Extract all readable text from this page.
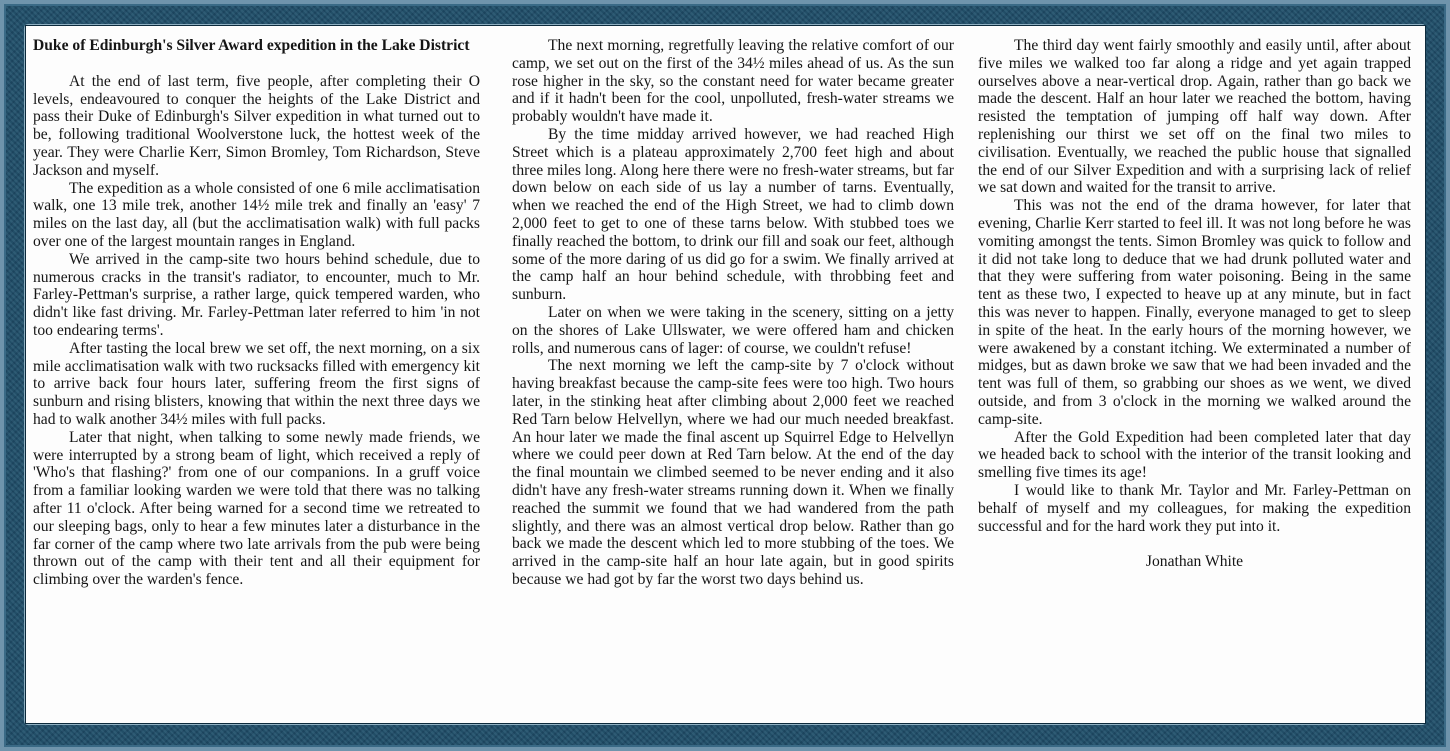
Duke of Edinburgh's Silver Award expedition in the Lake District

At the end of last term, five people, after completing their O levels, endeavoured to conquer the heights of the Lake District and pass their Duke of Edinburgh's Silver expedition in what turned out to be, following traditional Woolverstone luck, the hottest week of the year. They were Charlie Kerr, Simon Bromley, Tom Richardson, Steve Jackson and myself.

The expedition as a whole consisted of one 6 mile acclimatisation walk, one 13 mile trek, another 14½ mile trek and finally an 'easy' 7 miles on the last day, all (but the acclimatisation walk) with full packs over one of the largest mountain ranges in England.

We arrived in the camp-site two hours behind schedule, due to numerous cracks in the transit's radiator, to encounter, much to Mr. Farley-Pettman's surprise, a rather large, quick tempered warden, who didn't like fast driving. Mr. Farley-Pettman later referred to him 'in not too endearing terms'.

After tasting the local brew we set off, the next morning, on a six mile acclimatisation walk with two rucksacks filled with emergency kit to arrive back four hours later, suffering freom the first signs of sunburn and rising blisters, knowing that within the next three days we had to walk another 34½ miles with full packs.

Later that night, when talking to some newly made friends, we were interrupted by a strong beam of light, which received a reply of 'Who's that flashing?' from one of our companions. In a gruff voice from a familiar looking warden we were told that there was no talking after 11 o'clock. After being warned for a second time we retreated to our sleeping bags, only to hear a few minutes later a disturbance in the far corner of the camp where two late arrivals from the pub were being thrown out of the camp with their tent and all their equipment for climbing over the warden's fence.

The next morning, regretfully leaving the relative comfort of our camp, we set out on the first of the 34½ miles ahead of us. As the sun rose higher in the sky, so the constant need for water became greater and if it hadn't been for the cool, unpolluted, fresh-water streams we probably wouldn't have made it.

By the time midday arrived however, we had reached High Street which is a plateau approximately 2,700 feet high and about three miles long. Along here there were no fresh-water streams, but far down below on each side of us lay a number of tarns. Eventually, when we reached the end of the High Street, we had to climb down 2,000 feet to get to one of these tarns below. With stubbed toes we finally reached the bottom, to drink our fill and soak our feet, although some of the more daring of us did go for a swim. We finally arrived at the camp half an hour behind schedule, with throbbing feet and sunburn.

Later on when we were taking in the scenery, sitting on a jetty on the shores of Lake Ullswater, we were offered ham and chicken rolls, and numerous cans of lager: of course, we couldn't refuse!

The next morning we left the camp-site by 7 o'clock without having breakfast because the camp-site fees were too high. Two hours later, in the stinking heat after climbing about 2,000 feet we reached Red Tarn below Helvellyn, where we had our much needed breakfast. An hour later we made the final ascent up Squirrel Edge to Helvellyn where we could peer down at Red Tarn below. At the end of the day the final mountain we climbed seemed to be never ending and it also didn't have any fresh-water streams running down it. When we finally reached the summit we found that we had wandered from the path slightly, and there was an almost vertical drop below. Rather than go back we made the descent which led to more stubbing of the toes. We arrived in the camp-site half an hour late again, but in good spirits because we had got by far the worst two days behind us.

The third day went fairly smoothly and easily until, after about five miles we walked too far along a ridge and yet again trapped ourselves above a near-vertical drop. Again, rather than go back we made the descent. Half an hour later we reached the bottom, having resisted the temptation of jumping off half way down. After replenishing our thirst we set off on the final two miles to civilisation. Eventually, we reached the public house that signalled the end of our Silver Expedition and with a surprising lack of relief we sat down and waited for the transit to arrive.

This was not the end of the drama however, for later that evening, Charlie Kerr started to feel ill. It was not long before he was vomiting amongst the tents. Simon Bromley was quick to follow and it did not take long to deduce that we had drunk polluted water and that they were suffering from water poisoning. Being in the same tent as these two, I expected to heave up at any minute, but in fact this was never to happen. Finally, everyone managed to get to sleep in spite of the heat. In the early hours of the morning however, we were awakened by a constant itching. We exterminated a number of midges, but as dawn broke we saw that we had been invaded and the tent was full of them, so grabbing our shoes as we went, we dived outside, and from 3 o'clock in the morning we walked around the camp-site.

After the Gold Expedition had been completed later that day we headed back to school with the interior of the transit looking and smelling five times its age!

I would like to thank Mr. Taylor and Mr. Farley-Pettman on behalf of myself and my colleagues, for making the expedition successful and for the hard work they put into it.

Jonathan White
